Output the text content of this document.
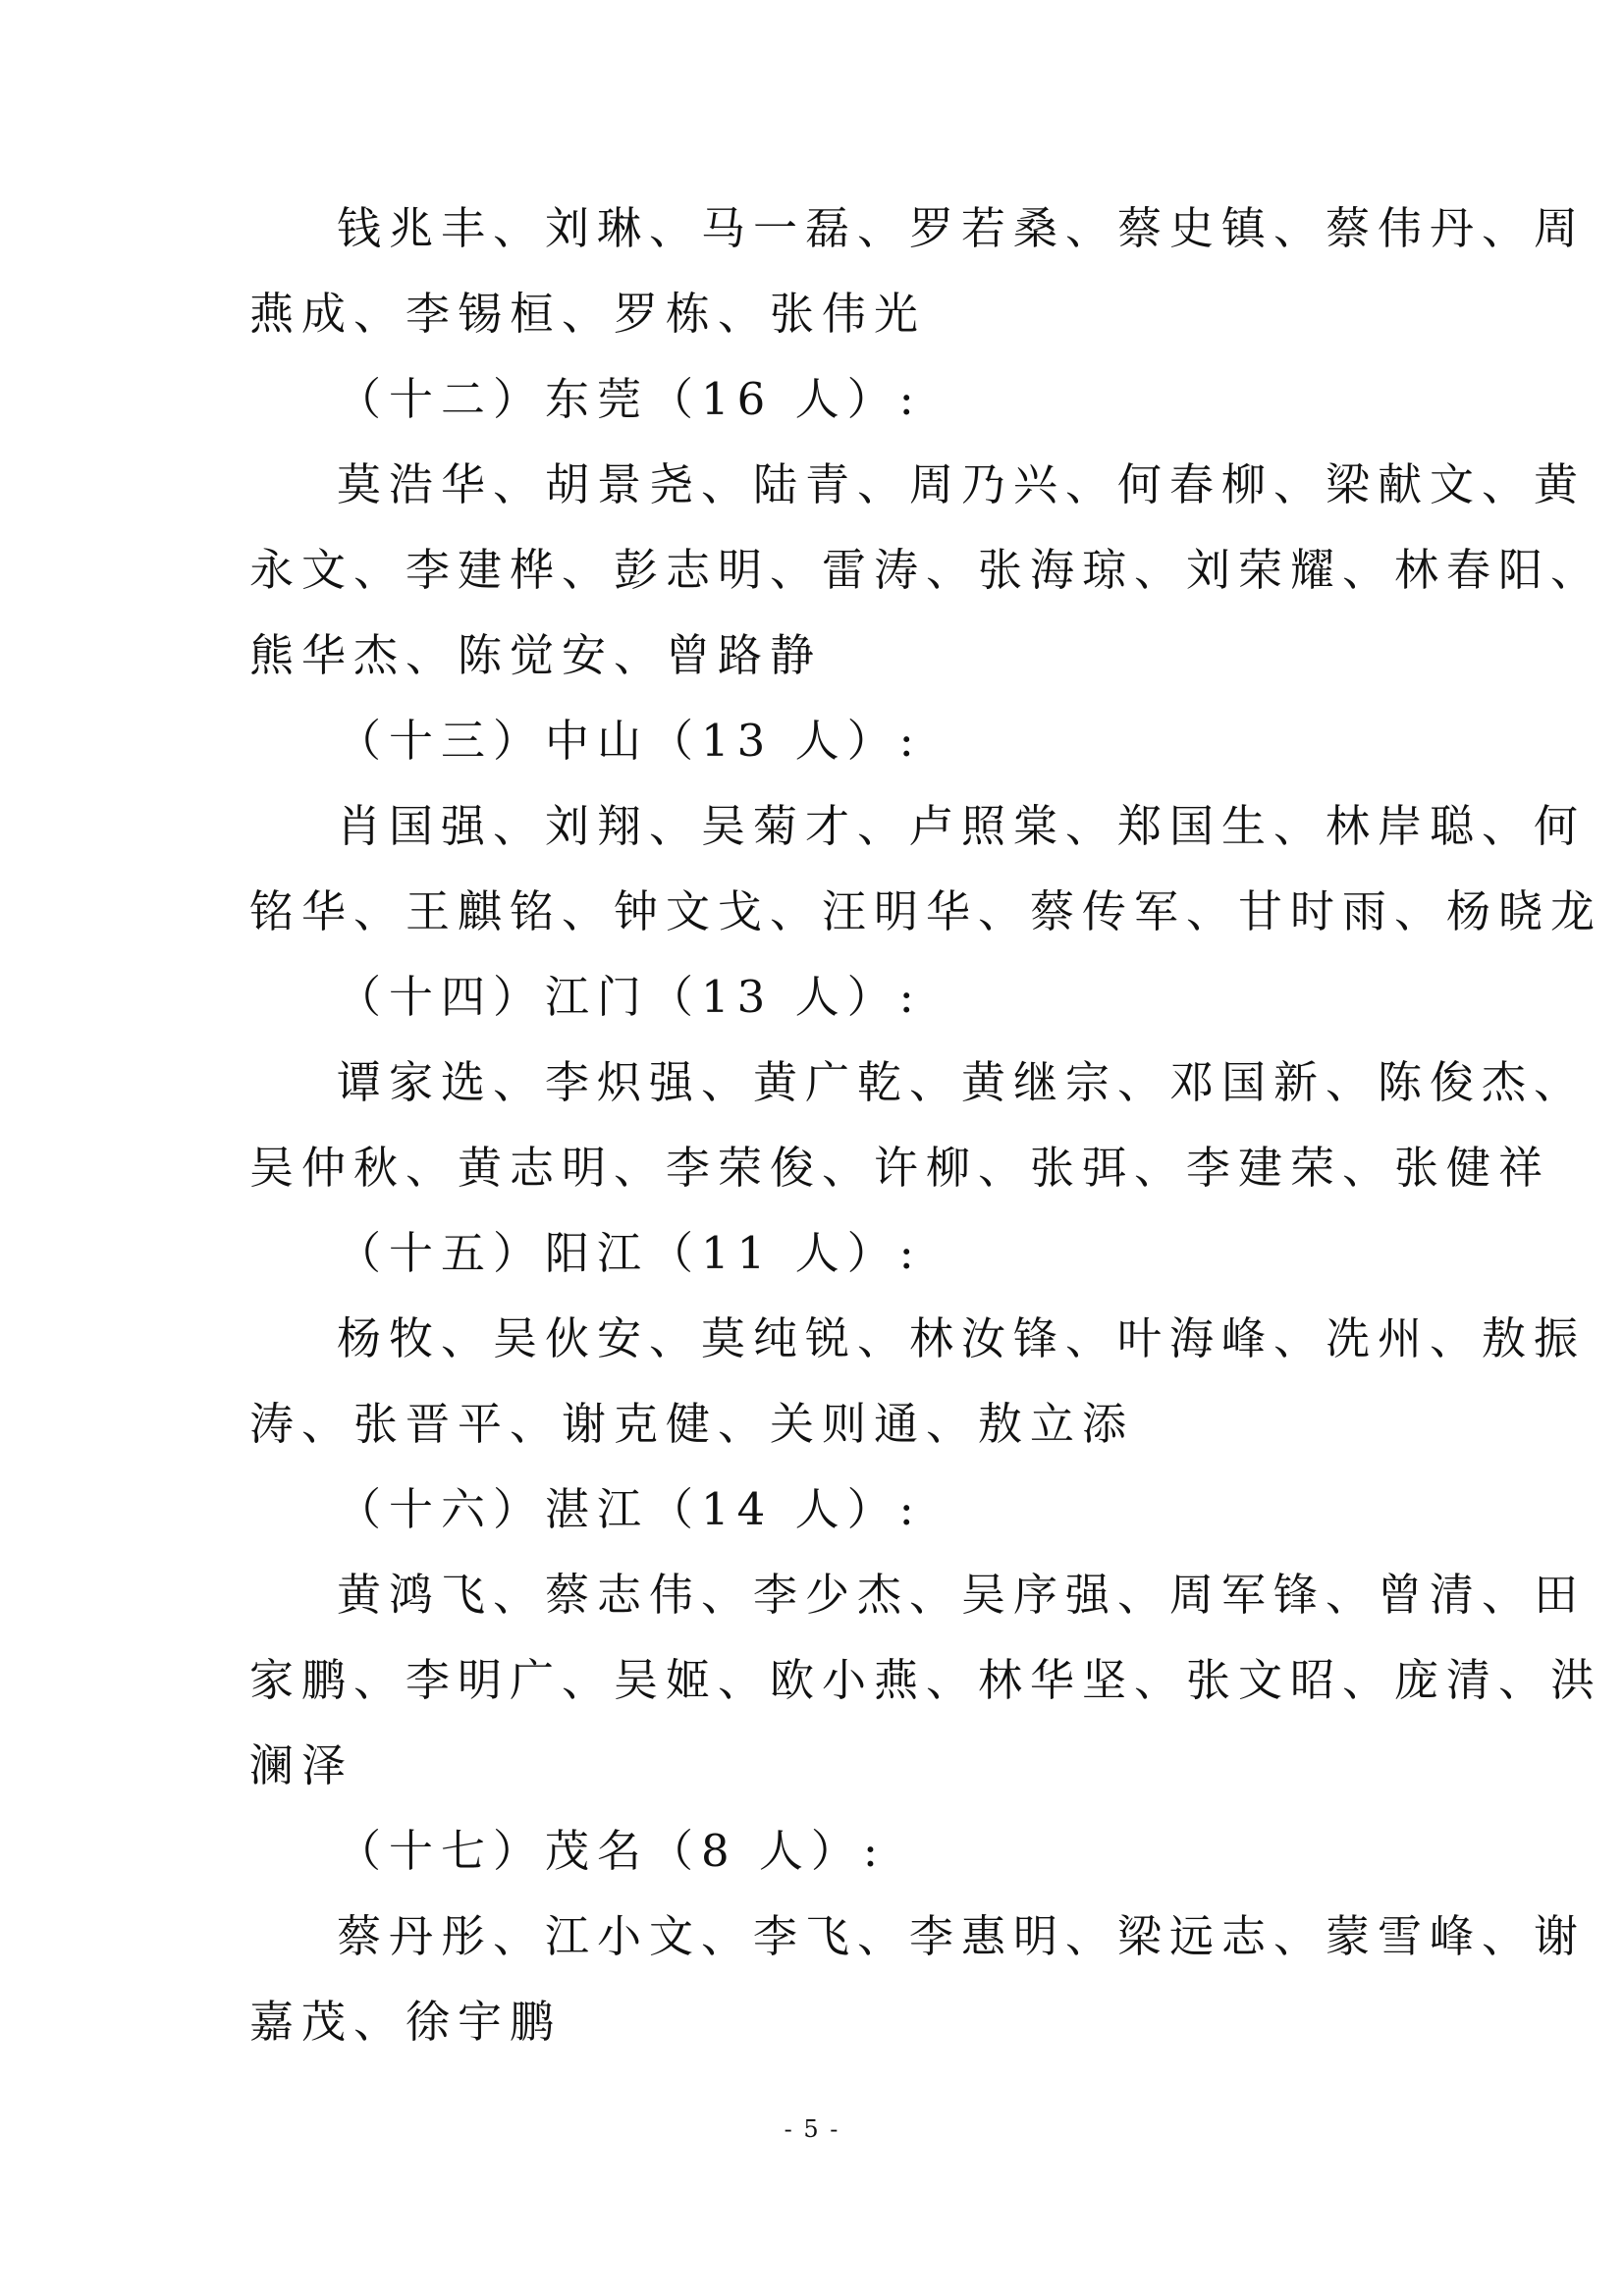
钱兆丰、刘琳、马一磊、罗若桑、蔡史镇、蔡伟丹、周
燕成、李锡桓、罗栋、张伟光
（十二）东莞（16 人）:
莫浩华、胡景尧、陆青、周乃兴、何春柳、梁献文、黄
永文、李建桦、彭志明、雷涛、张海琼、刘荣耀、林春阳、
熊华杰、陈觉安、曾路静
（十三）中山（13 人）:
肖国强、刘翔、吴菊才、卢照棠、郑国生、林岸聪、何
铭华、王麒铭、钟文戈、汪明华、蔡传军、甘时雨、杨晓龙
（十四）江门（13 人）:
谭家选、李炽强、黄广乾、黄继宗、邓国新、陈俊杰、
吴仲秋、黄志明、李荣俊、许柳、张弭、李建荣、张健祥
（十五）阳江（11 人）:
杨牧、吴伙安、莫纯锐、林汝锋、叶海峰、冼州、敖振
涛、张晋平、谢克健、关则通、敖立添
（十六）湛江（14 人）:
黄鸿飞、蔡志伟、李少杰、吴序强、周军锋、曾清、田
家鹏、李明广、吴姬、欧小燕、林华坚、张文昭、庞清、洪
澜泽
（十七）茂名（8 人）:
蔡丹彤、江小文、李飞、李惠明、梁远志、蒙雪峰、谢
嘉茂、徐宇鹏
- 5 -
